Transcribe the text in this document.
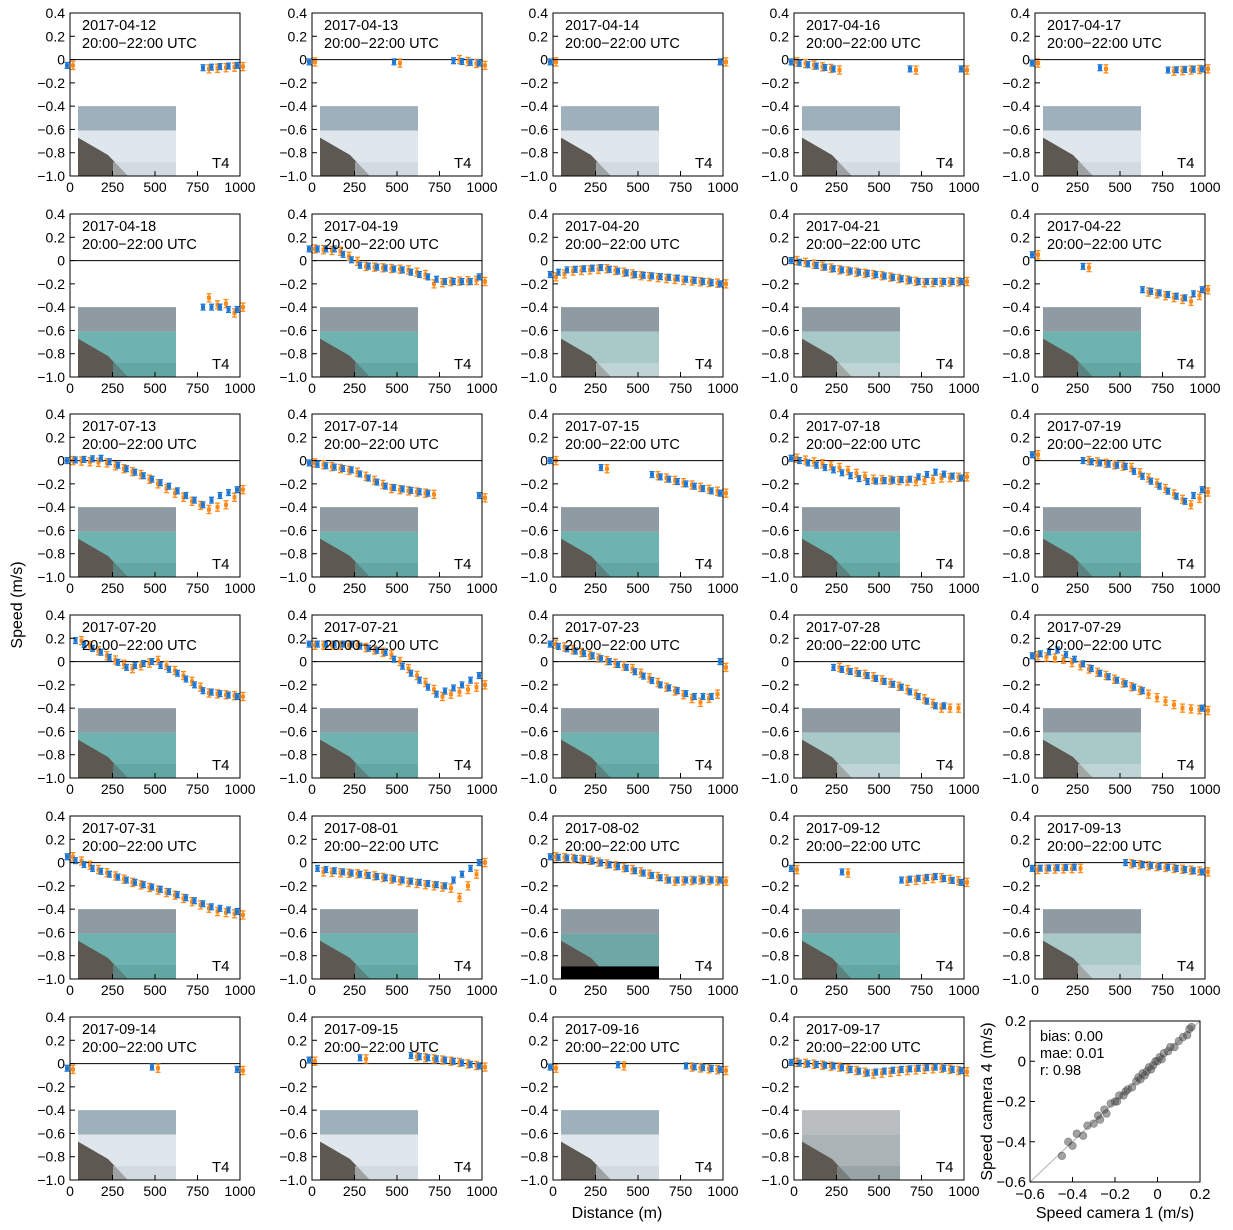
T4
0.4
0.2
0
−0.2
−0.4
−0.6
−0.8
−1.0
0 250 500 750 1000
2017-04-12
20:00−22:00 UTC
T4
0.4
0.2
0
−0.2
−0.4
−0.6
−0.8
−1.0
0 250 500 750 1000
2017-04-13
20:00−22:00 UTC
T4
0.4
0.2
0
−0.2
−0.4
−0.6
−0.8
−1.0
0 250 500 750 1000
2017-04-14
20:00−22:00 UTC
T4
0.4
0.2
0
−0.2
−0.4
−0.6
−0.8
−1.0
0 250 500 750 1000
2017-04-16
20:00−22:00 UTC
T4
0.4
0.2
0
−0.2
−0.4
−0.6
−0.8
−1.0
0 250 500 750 1000
2017-04-17
20:00−22:00 UTC
T4
0.4
0.2
0
−0.2
−0.4
−0.6
−0.8
−1.0
0 250 500 750 1000
2017-04-18
20:00−22:00 UTC
T4
0.4
0.2
0
−0.2
−0.4
−0.6
−0.8
−1.0
0 250 500 750 1000
2017-04-19
20:00−22:00 UTC
T4
0.4
0.2
0
−0.2
−0.4
−0.6
−0.8
−1.0
0 250 500 750 1000
2017-04-20
20:00−22:00 UTC
T4
0.4
0.2
0
−0.2
−0.4
−0.6
−0.8
−1.0
0 250 500 750 1000
2017-04-21
20:00−22:00 UTC
T4
0.4
0.2
0
−0.2
−0.4
−0.6
−0.8
−1.0
0 250 500 750 1000
2017-04-22
20:00−22:00 UTC
T4
0.4
0.2
0
−0.2
−0.4
−0.6
−0.8
−1.0
0 250 500 750 1000
2017-07-13
20:00−22:00 UTC
T4
0.4
0.2
0
−0.2
−0.4
−0.6
−0.8
−1.0
0 250 500 750 1000
2017-07-14
20:00−22:00 UTC
T4
0.4
0.2
0
−0.2
−0.4
−0.6
−0.8
−1.0
0 250 500 750 1000
2017-07-15
20:00−22:00 UTC
T4
0.4
0.2
0
−0.2
−0.4
−0.6
−0.8
−1.0
0 250 500 750 1000
2017-07-18
20:00−22:00 UTC
T4
0.4
0.2
0
−0.2
−0.4
−0.6
−0.8
−1.0
0 250 500 750 1000
2017-07-19
20:00−22:00 UTC
T4
0.4
0.2
0
−0.2
−0.4
−0.6
−0.8
−1.0
0 250 500 750 1000
2017-07-20
20:00−22:00 UTC
T4
0.4
0.2
0
−0.2
−0.4
−0.6
−0.8
−1.0
0 250 500 750 1000
2017-07-21
20:00−22:00 UTC
T4
0.4
0.2
0
−0.2
−0.4
−0.6
−0.8
−1.0
0 250 500 750 1000
2017-07-23
20:00−22:00 UTC
T4
0.4
0.2
0
−0.2
−0.4
−0.6
−0.8
−1.0
0 250 500 750 1000
2017-07-28
20:00−22:00 UTC
T4
0.4
0.2
0
−0.2
−0.4
−0.6
−0.8
−1.0
0 250 500 750 1000
2017-07-29
20:00−22:00 UTC
T4
0.4
0.2
0
−0.2
−0.4
−0.6
−0.8
−1.0
0 250 500 750 1000
2017-07-31
20:00−22:00 UTC
T4
0.4
0.2
0
−0.2
−0.4
−0.6
−0.8
−1.0
0 250 500 750 1000
2017-08-01
20:00−22:00 UTC
T4
0.4
0.2
0
−0.2
−0.4
−0.6
−0.8
−1.0
0 250 500 750 1000
2017-08-02
20:00−22:00 UTC
T4
0.4
0.2
0
−0.2
−0.4
−0.6
−0.8
−1.0
0 250 500 750 1000
2017-09-12
20:00−22:00 UTC
T4
0.4
0.2
0
−0.2
−0.4
−0.6
−0.8
−1.0
0 250 500 750 1000
2017-09-13
20:00−22:00 UTC
T4
0.4
0.2
0
−0.2
−0.4
−0.6
−0.8
−1.0
0 250 500 750 1000
2017-09-14
20:00−22:00 UTC
T4
0.4
0.2
0
−0.2
−0.4
−0.6
−0.8
−1.0
0 250 500 750 1000
2017-09-15
20:00−22:00 UTC
T4
0.4
0.2
0
−0.2
−0.4
−0.6
−0.8
−1.0
0 250 500 750 1000
2017-09-16
20:00−22:00 UTC
T4
0.4
0.2
0
−0.2
−0.4
−0.6
−0.8
−1.0
0 250 500 750 1000
2017-09-17
20:00−22:00 UTC
0.2
0
−0.2
−0.4
−0.6
−0.6 −0.4 −0.2 0 0.2
bias: 0.00
mae: 0.01
r: 0.98
Speed camera 1 (m/s)
Speed camera 4 (m/s)
Speed (m/s)
Distance (m)
